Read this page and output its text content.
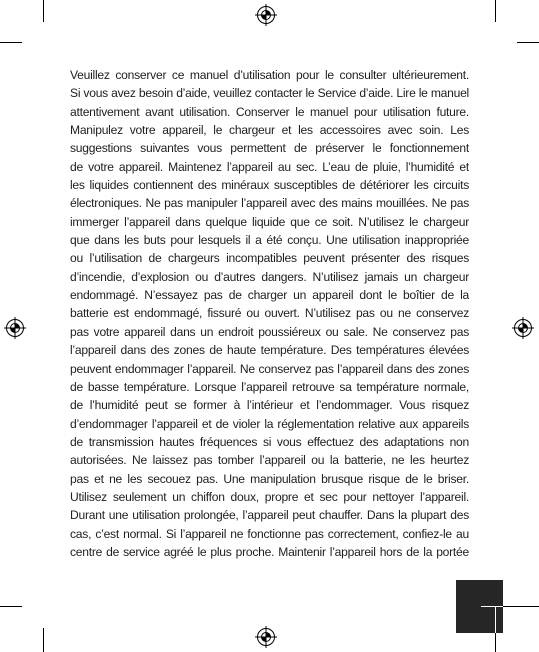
Veuillez conserver ce manuel d’utilisation pour le consulter ultérieurement.
Si vous avez besoin d’aide, veuillez contacter le Service d’aide. Lire le manuel
attentivement avant utilisation. Conserver le manuel pour utilisation future.
Manipulez votre appareil, le chargeur et les accessoires avec soin. Les
suggestions suivantes vous permettent de préserver le fonctionnement
de votre appareil. Maintenez l’appareil au sec. L’eau de pluie, l’humidité et
les liquides contiennent des minéraux susceptibles de détériorer les circuits
électroniques. Ne pas manipuler l’appareil avec des mains mouillées. Ne pas
immerger l’appareil dans quelque liquide que ce soit. N’utilisez le chargeur
que dans les buts pour lesquels il a été conçu. Une utilisation inappropriée
ou l’utilisation de chargeurs incompatibles peuvent présenter des risques
d’incendie, d’explosion ou d’autres dangers. N’utilisez jamais un chargeur
endommagé. N’essayez pas de charger un appareil dont le boîtier de la
batterie est endommagé, fissuré ou ouvert. N’utilisez pas ou ne conservez
pas votre appareil dans un endroit poussiéreux ou sale. Ne conservez pas
l’appareil dans des zones de haute température. Des températures élevées
peuvent endommager l’appareil. Ne conservez pas l’appareil dans des zones
de basse température. Lorsque l’appareil retrouve sa température normale,
de l’humidité peut se former à l’intérieur et l’endommager. Vous risquez
d’endommager l’appareil et de violer la réglementation relative aux appareils
de transmission hautes fréquences si vous effectuez des adaptations non
autorisées. Ne laissez pas tomber l’appareil ou la batterie, ne les heurtez
pas et ne les secouez pas. Une manipulation brusque risque de le briser.
Utilisez seulement un chiffon doux, propre et sec pour nettoyer l’appareil.
Durant une utilisation prolongée, l’appareil peut chauffer. Dans la plupart des
cas, c’est normal. Si l’appareil ne fonctionne pas correctement, confiez-le au
centre de service agréé le plus proche. Maintenir l’appareil hors de la portée
